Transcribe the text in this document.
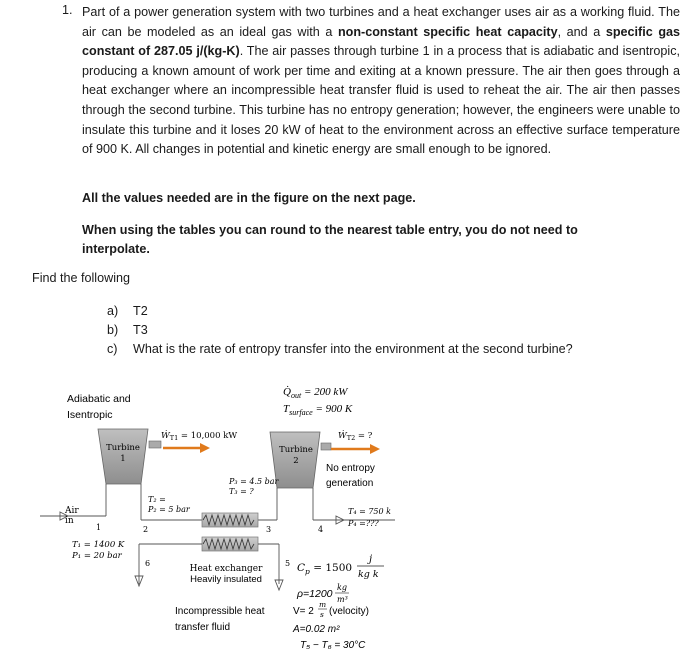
1. Part of a power generation system with two turbines and a heat exchanger uses air as a working fluid. The air can be modeled as an ideal gas with a non-constant specific heat capacity, and a specific gas constant of 287.05 j/(kg-K). The air passes through turbine 1 in a process that is adiabatic and isentropic, producing a known amount of work per time and exiting at a known pressure. The air then goes through a heat exchanger where an incompressible heat transfer fluid is used to reheat the air. The air then passes through the second turbine. This turbine has no entropy generation; however, the engineers were unable to insulate this turbine and it loses 20 kW of heat to the environment across an effective surface temperature of 900 K. All changes in potential and kinetic energy are small enough to be ignored.
All the values needed are in the figure on the next page.
When using the tables you can round to the nearest table entry, you do not need to interpolate.
Find the following
a) T2
b) T3
c) What is the rate of entropy transfer into the environment at the second turbine?
Adiabatic and
Isentropic
$Q̇_{out} = 200$ kW
$T_{surface} = 900$ K
Turbine
1
Ẇ$_{T1}$ = 10,000 kW
Turbine
2
Ẇ$_{T2}$ = ?
No entropy
generation
P₃ = 4.5 bar
T₃ = ?
T₂ =
P₂ = 5 bar	T₄ = 750 k
P₄ =???
Air
in
T₁ = 1400 K
P₁ = 20 bar
1	2	3	4
5
6
Heat exchanger
Heavily insulated
$C_p = 1500$
j
kg k
ρ=1200
kg
m³
Incompressible heat
transfer fluid
V= 2
m
s (velocity)
A=0.02 m²
T₅ − T₆ = 30°C
